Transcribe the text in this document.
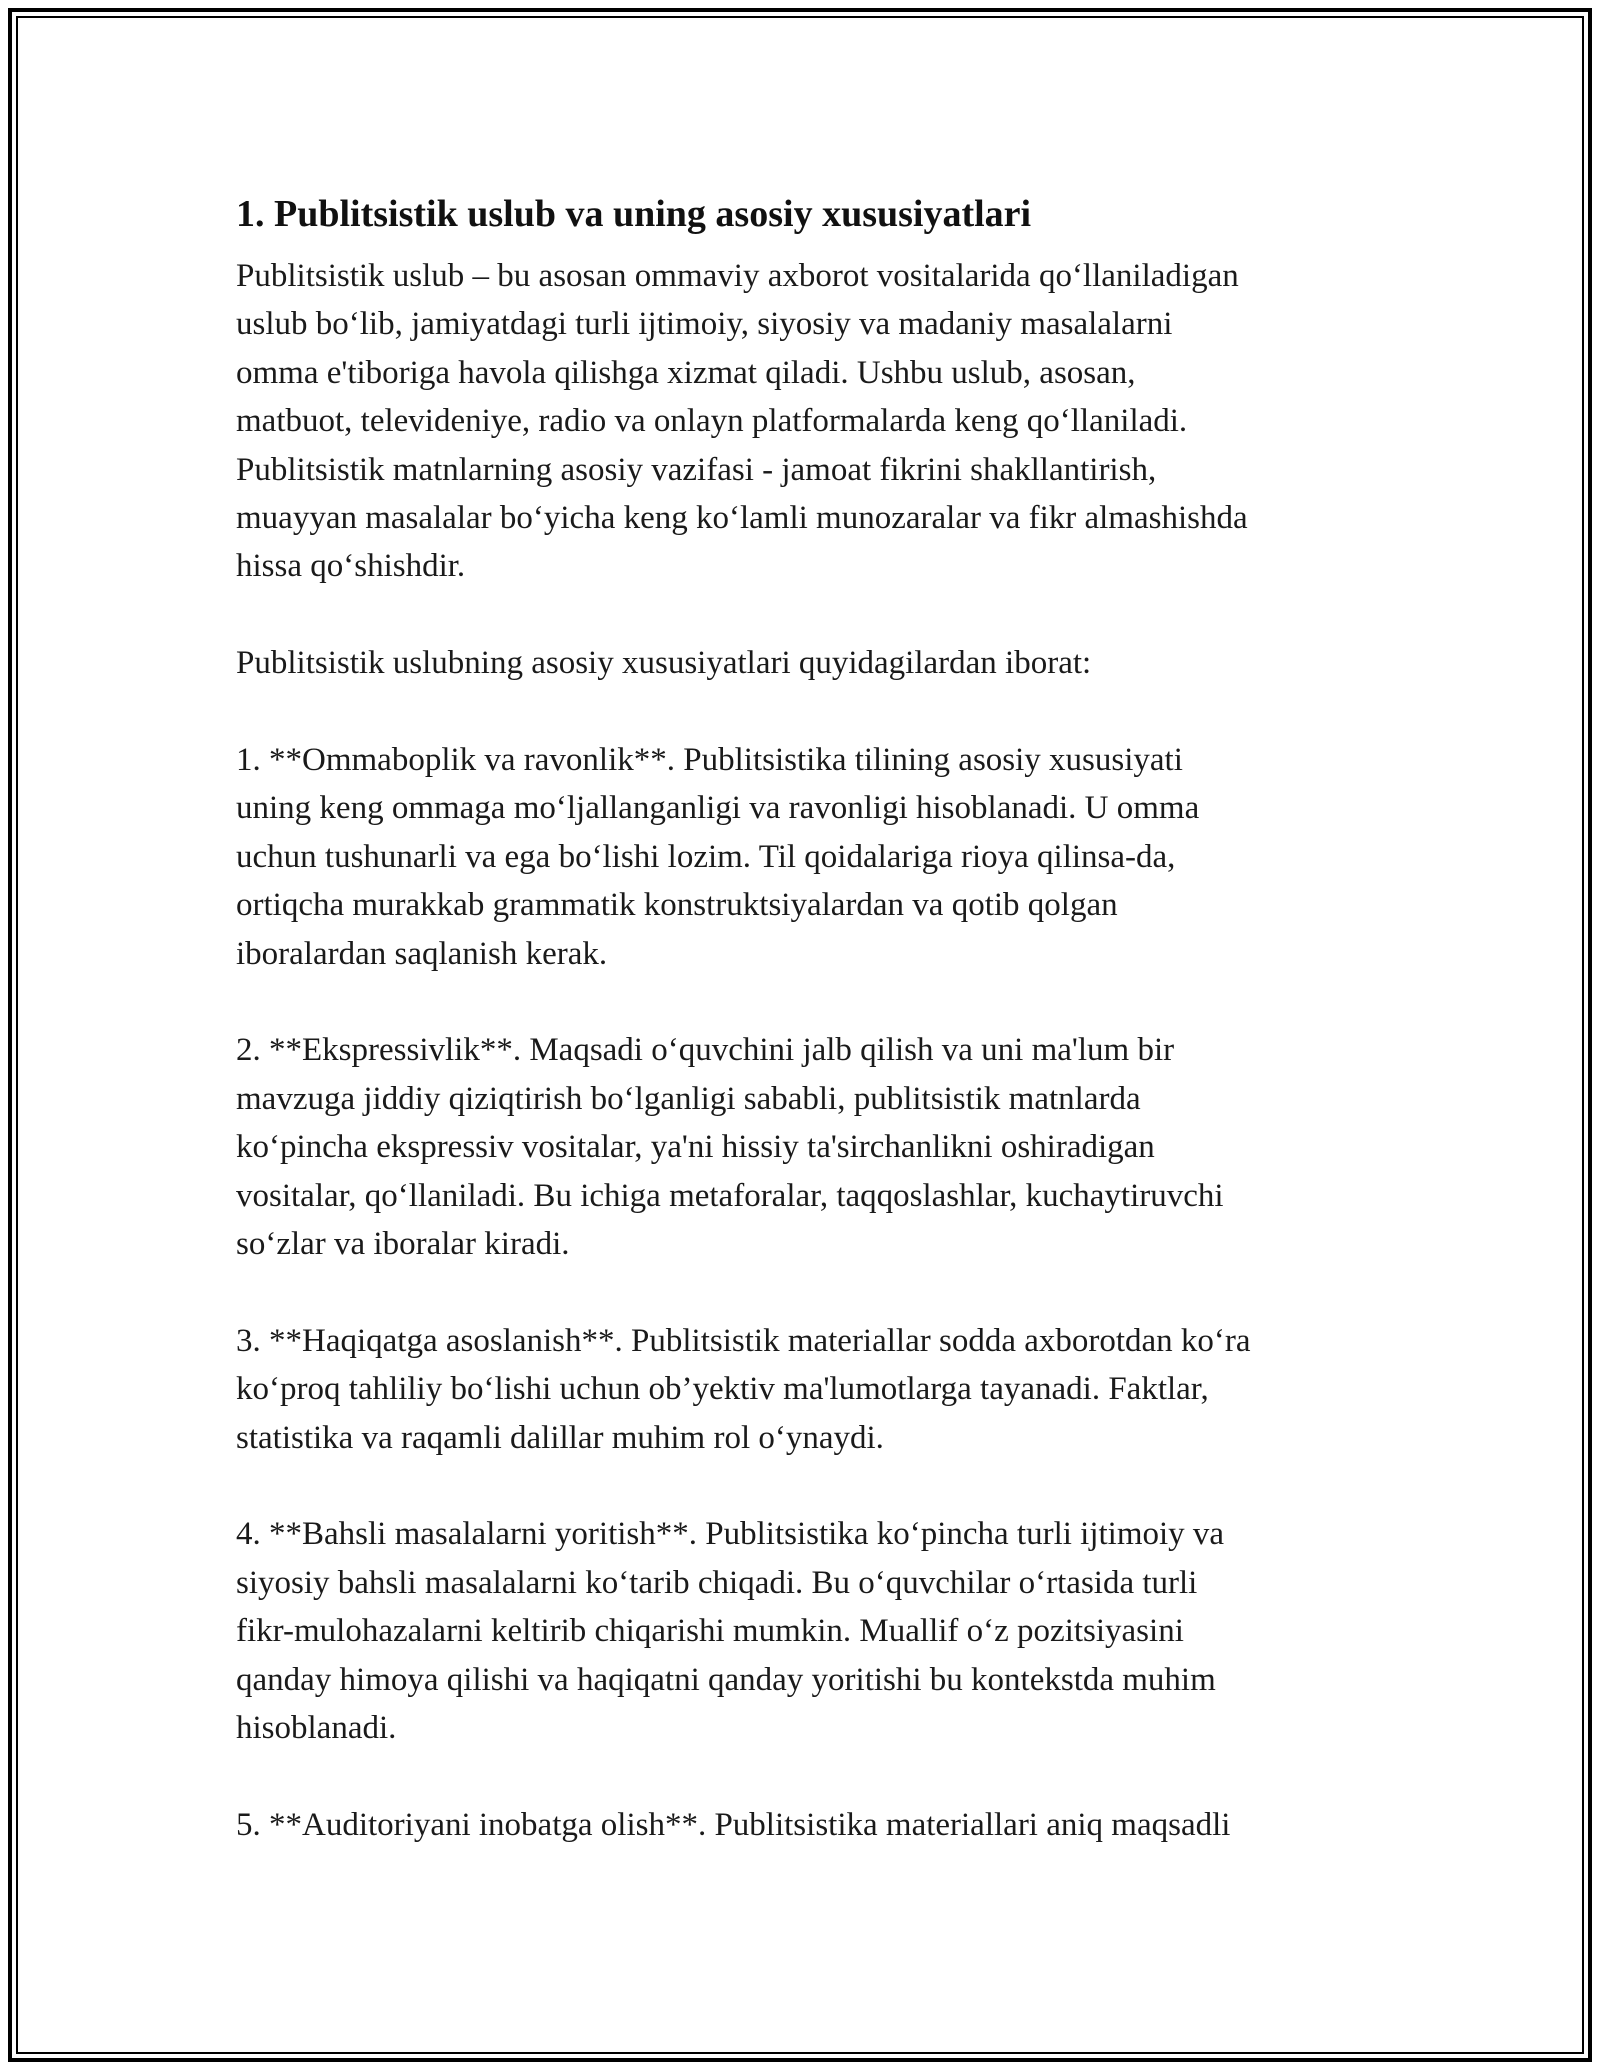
1. Publitsistik uslub va uning asosiy xususiyatlari

Publitsistik uslub – bu asosan ommaviy axborot vositalarida qo‘llaniladigan
uslub bo‘lib, jamiyatdagi turli ijtimoiy, siyosiy va madaniy masalalarni
omma e'tiboriga havola qilishga xizmat qiladi. Ushbu uslub, asosan,
matbuot, televideniye, radio va onlayn platformalarda keng qo‘llaniladi.
Publitsistik matnlarning asosiy vazifasi - jamoat fikrini shakllantirish,
muayyan masalalar bo‘yicha keng ko‘lamli munozaralar va fikr almashishda
hissa qo‘shishdir.

Publitsistik uslubning asosiy xususiyatlari quyidagilardan iborat:

1. **Ommaboplik va ravonlik**. Publitsistika tilining asosiy xususiyati
uning keng ommaga mo‘ljallanganligi va ravonligi hisoblanadi. U omma
uchun tushunarli va ega bo‘lishi lozim. Til qoidalariga rioya qilinsa-da,
ortiqcha murakkab grammatik konstruktsiyalardan va qotib qolgan
iboralardan saqlanish kerak.

2. **Ekspressivlik**. Maqsadi o‘quvchini jalb qilish va uni ma'lum bir
mavzuga jiddiy qiziqtirish bo‘lganligi sababli, publitsistik matnlarda
ko‘pincha ekspressiv vositalar, ya'ni hissiy ta'sirchanlikni oshiradigan
vositalar, qo‘llaniladi. Bu ichiga metaforalar, taqqoslashlar, kuchaytiruvchi
so‘zlar va iboralar kiradi.

3. **Haqiqatga asoslanish**. Publitsistik materiallar sodda axborotdan ko‘ra
ko‘proq tahliliy bo‘lishi uchun ob’yektiv ma'lumotlarga tayanadi. Faktlar,
statistika va raqamli dalillar muhim rol o‘ynaydi.

4. **Bahsli masalalarni yoritish**. Publitsistika ko‘pincha turli ijtimoiy va
siyosiy bahsli masalalarni ko‘tarib chiqadi. Bu o‘quvchilar o‘rtasida turli
fikr-mulohazalarni keltirib chiqarishi mumkin. Muallif o‘z pozitsiyasini
qanday himoya qilishi va haqiqatni qanday yoritishi bu kontekstda muhim
hisoblanadi.

5. **Auditoriyani inobatga olish**. Publitsistika materiallari aniq maqsadli
